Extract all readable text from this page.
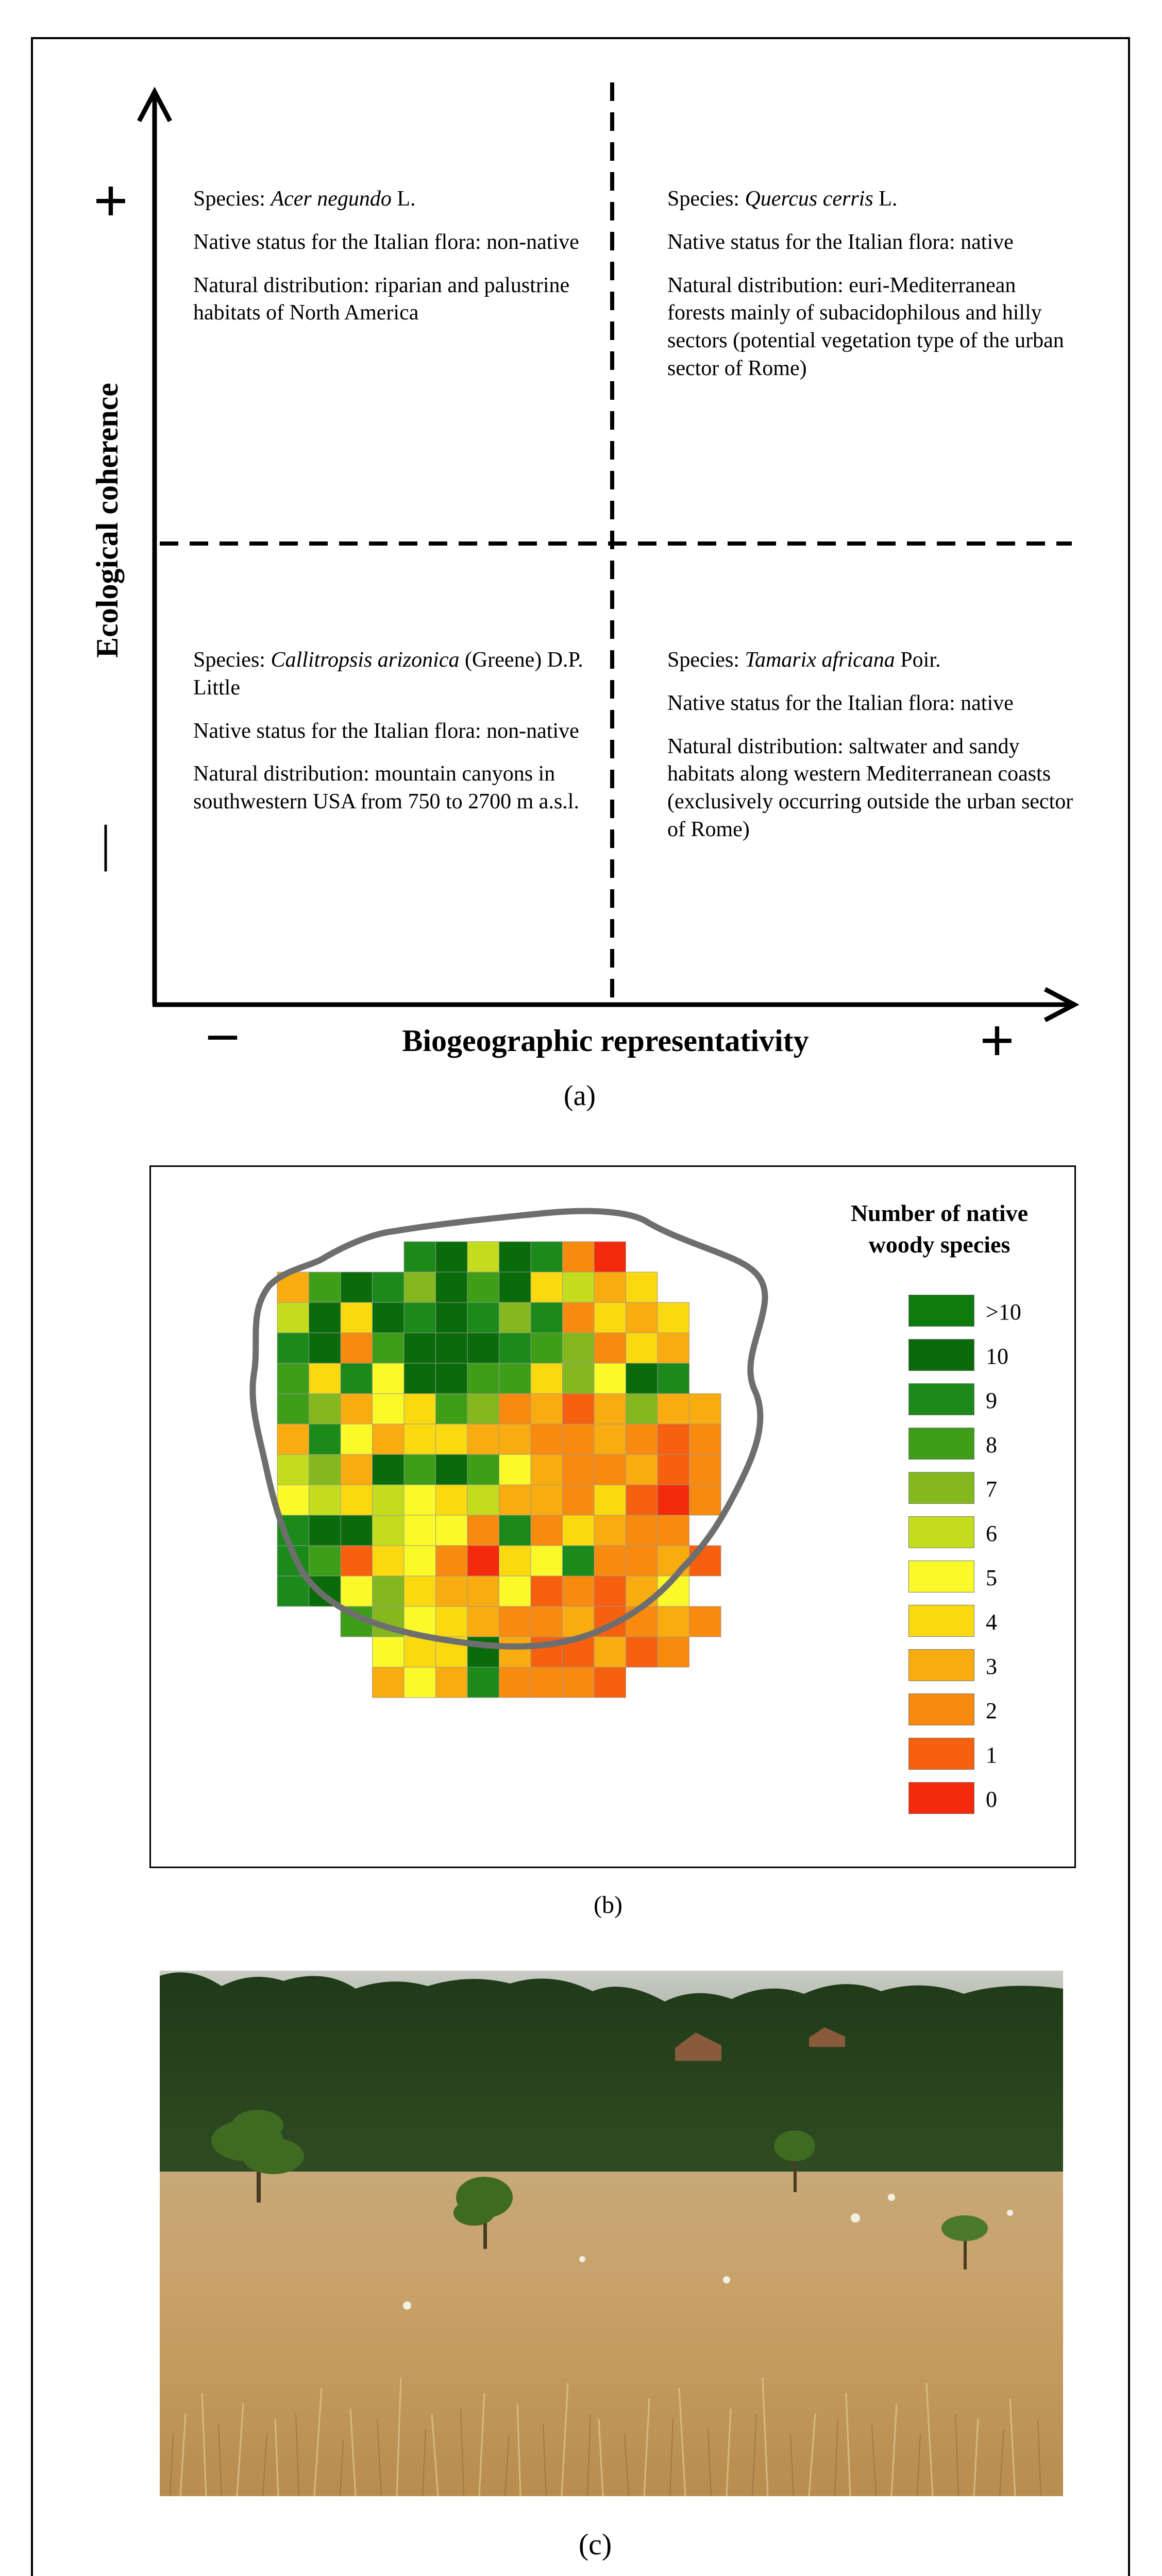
Ecological coherence
+
|
–	Biogeographic representativity	+

Species: Acer negundo L.

Native status for the Italian flora: non-native

Natural distribution: riparian and palustrine habitats of North America

Species: Quercus cerris L.

Native status for the Italian flora: native

Natural distribution: euri-Mediterranean forests mainly of subacidophilous and hilly sectors (potential vegetation type of the urban sector of Rome)

Species: Callitropsis arizonica (Greene) D.P. Little

Native status for the Italian flora: non-native

Natural distribution: mountain canyons in southwestern USA from 750 to 2700 m a.s.l.

Species: Tamarix africana Poir.

Native status for the Italian flora: native

Natural distribution: saltwater and sandy habitats along western Mediterranean coasts (exclusively occurring outside the urban sector of Rome)

(a)
Number of native woody species
>10
10
9
8
7
6
5
4
3
2
1
0
(b)
(c)
